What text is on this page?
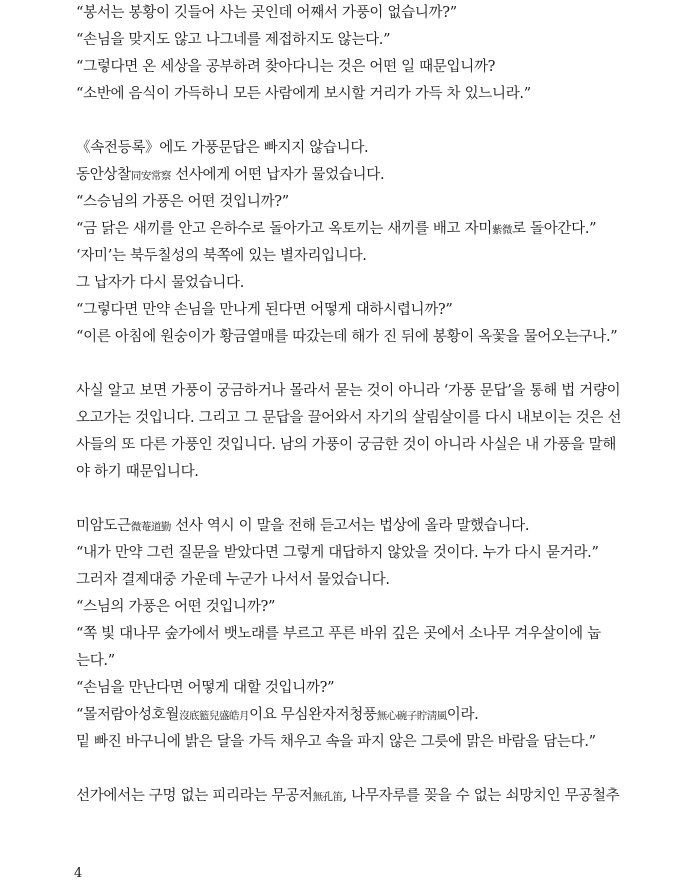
“봉서는 봉황이 깃들어 사는 곳인데 어째서 가풍이 없습니까?”
“손님을 맞지도 않고 나그네를 제접하지도 않는다.”
“그렇다면 온 세상을 공부하려 찾아다니는 것은 어떤 일 때문입니까?
“소반에 음식이 가득하니 모든 사람에게 보시할 거리가 가득 차 있느니라.”
《속전등록》에도 가풍문답은 빠지지 않습니다.
동안상찰同安常察 선사에게 어떤 납자가 물었습니다.
“스승님의 가풍은 어떤 것입니까?”
“금 닭은 새끼를 안고 은하수로 돌아가고 옥토끼는 새끼를 배고 자미紫微로 돌아간다.”
‘자미’는 북두칠성의 북쪽에 있는 별자리입니다.
그 납자가 다시 물었습니다.
“그렇다면 만약 손님을 만나게 된다면 어떻게 대하시렵니까?”
“이른 아침에 원숭이가 황금열매를 따갔는데 해가 진 뒤에 봉황이 옥꽃을 물어오는구나.”
사실 알고 보면 가풍이 궁금하거나 몰라서 묻는 것이 아니라 ‘가풍 문답’을 통해 법 거량이
오고가는 것입니다. 그리고 그 문답을 끌어와서 자기의 살림살이를 다시 내보이는 것은 선
사들의 또 다른 가풍인 것입니다. 남의 가풍이 궁금한 것이 아니라 사실은 내 가풍을 말해
야 하기 때문입니다.
미암도근微菴道勤 선사 역시 이 말을 전해 듣고서는 법상에 올라 말했습니다.
“내가 만약 그런 질문을 받았다면 그렇게 대답하지 않았을 것이다. 누가 다시 묻거라.”
그러자 결제대중 가운데 누군가 나서서 물었습니다.
“스님의 가풍은 어떤 것입니까?”
“쪽 빛 대나무 숲가에서 뱃노래를 부르고 푸른 바위 깊은 곳에서 소나무 겨우살이에 눕
는다.”
“손님을 만난다면 어떻게 대할 것입니까?”
“몰저람아성호월沒底籃兒盛皓月이요 무심완자저청풍無心碗子貯淸風이라.
밑 빠진 바구니에 밝은 달을 가득 채우고 속을 파지 않은 그릇에 맑은 바람을 담는다.”
선가에서는 구멍 없는 피리라는 무공저無孔笛, 나무자루를 꽂을 수 없는 쇠망치인 무공철추
4
